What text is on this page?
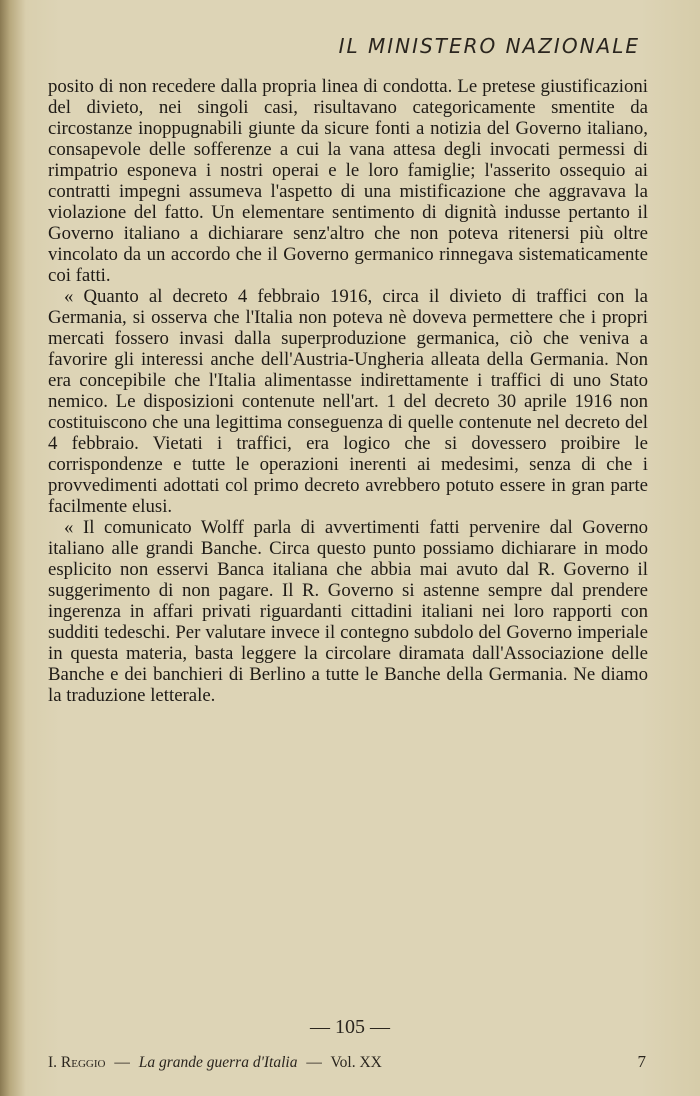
IL MINISTERO NAZIONALE

posito di non recedere dalla propria linea di condotta. Le pretese giustificazioni del divieto, nei singoli casi, risultavano categoricamente smentite da circostanze inoppugnabili giunte da sicure fonti a notizia del Governo italiano, consapevole delle sofferenze a cui la vana attesa degli invocati permessi di rimpatrio esponeva i nostri operai e le loro famiglie; l'asserito ossequio ai contratti impegni assumeva l'aspetto di una mistificazione che aggravava la violazione del fatto. Un elementare sentimento di dignità indusse pertanto il Governo italiano a dichiarare senz'altro che non poteva ritenersi più oltre vincolato da un accordo che il Governo germanico rinnegava sistematicamente coi fatti.

« Quanto al decreto 4 febbraio 1916, circa il divieto di traffici con la Germania, si osserva che l'Italia non poteva nè doveva permettere che i propri mercati fossero invasi dalla superproduzione germanica, ciò che veniva a favorire gli interessi anche dell'Austria-Ungheria alleata della Germania. Non era concepibile che l'Italia alimentasse indirettamente i traffici di uno Stato nemico. Le disposizioni contenute nell'art. 1 del decreto 30 aprile 1916 non costituiscono che una legittima conseguenza di quelle contenute nel decreto del 4 febbraio. Vietati i traffici, era logico che si dovessero proibire le corrispondenze e tutte le operazioni inerenti ai medesimi, senza di che i provvedimenti adottati col primo decreto avrebbero potuto essere in gran parte facilmente elusi.

« Il comunicato Wolff parla di avvertimenti fatti pervenire dal Governo italiano alle grandi Banche. Circa questo punto possiamo dichiarare in modo esplicito non esservi Banca italiana che abbia mai avuto dal R. Governo il suggerimento di non pagare. Il R. Governo si astenne sempre dal prendere ingerenza in affari privati riguardanti cittadini italiani nei loro rapporti con sudditi tedeschi. Per valutare invece il contegno subdolo del Governo imperiale in questa materia, basta leggere la circolare diramata dall'Associazione delle Banche e dei banchieri di Berlino a tutte le Banche della Germania. Ne diamo la traduzione letterale.

— 105 —
I. Reggio — La grande guerra d'Italia — Vol. XX	7
